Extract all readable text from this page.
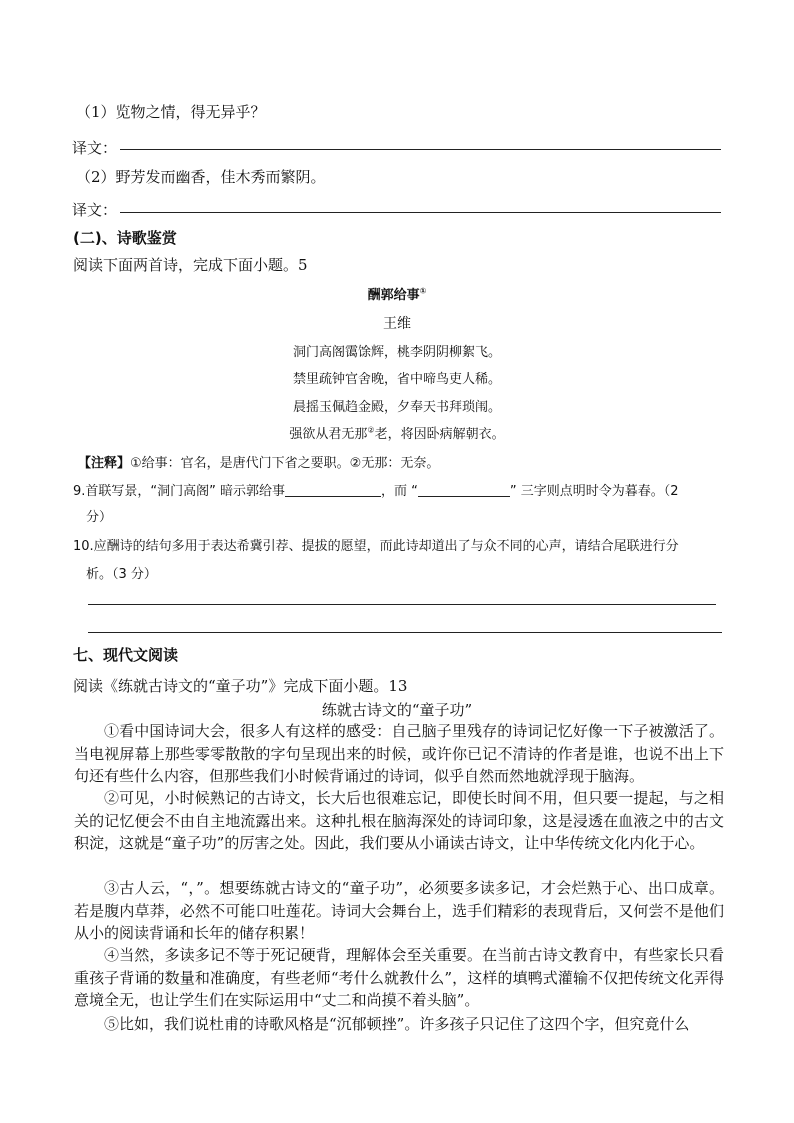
（1）览物之情，得无异乎？
译文：
（2）野芳发而幽香，佳木秀而繁阴。
译文：
(二)、诗歌鉴赏
阅读下面两首诗，完成下面小题。5
酬郭给事①
王维
洞门高阁霭馀辉，桃李阴阴柳絮飞。
禁里疏钟官舍晚，省中啼鸟吏人稀。
晨摇玉佩趋金殿，夕奉天书拜琐闱。
强欲从君无那②老，将因卧病解朝衣。
【注释】①给事：官名，是唐代门下省之要职。②无那：无奈。
9.首联写景，“洞门高阁” 暗示郭给事	，而 “	” 三字则点明时令为暮春。（2
分）
10.应酬诗的结句多用于表达希冀引荐、提拔的愿望，而此诗却道出了与众不同的心声，请结合尾联进行分
析。（3 分）
七、现代文阅读
阅读《练就古诗文的“童子功”》完成下面小题。13
练就古诗文的“童子功”
①看中国诗词大会，很多人有这样的感受：自己脑子里残存的诗词记忆好像一下子被激活了。当电视屏幕上那些零零散散的字句呈现出来的时候，或许你已记不清诗的作者是谁，也说不出上下句还有些什么内容，但那些我们小时候背诵过的诗词，似乎自然而然地就浮现于脑海。
②可见，小时候熟记的古诗文，长大后也很难忘记，即使长时间不用，但只要一提起，与之相关的记忆便会不由自主地流露出来。这种扎根在脑海深处的诗词印象，这是浸透在血液之中的古文积淀，这就是“童子功”的厉害之处。因此，我们要从小诵读古诗文，让中华传统文化内化于心。
③古人云，“，”。想要练就古诗文的“童子功”，必须要多读多记，才会烂熟于心、出口成章。若是腹内草莽，必然不可能口吐莲花。诗词大会舞台上，选手们精彩的表现背后，又何尝不是他们从小的阅读背诵和长年的储存积累！
④当然，多读多记不等于死记硬背，理解体会至关重要。在当前古诗文教育中，有些家长只看重孩子背诵的数量和准确度，有些老师“考什么就教什么”，这样的填鸭式灌输不仅把传统文化弄得意境全无，也让学生们在实际运用中“丈二和尚摸不着头脑”。
⑤比如，我们说杜甫的诗歌风格是“沉郁顿挫”。许多孩子只记住了这四个字，但究竟什么
